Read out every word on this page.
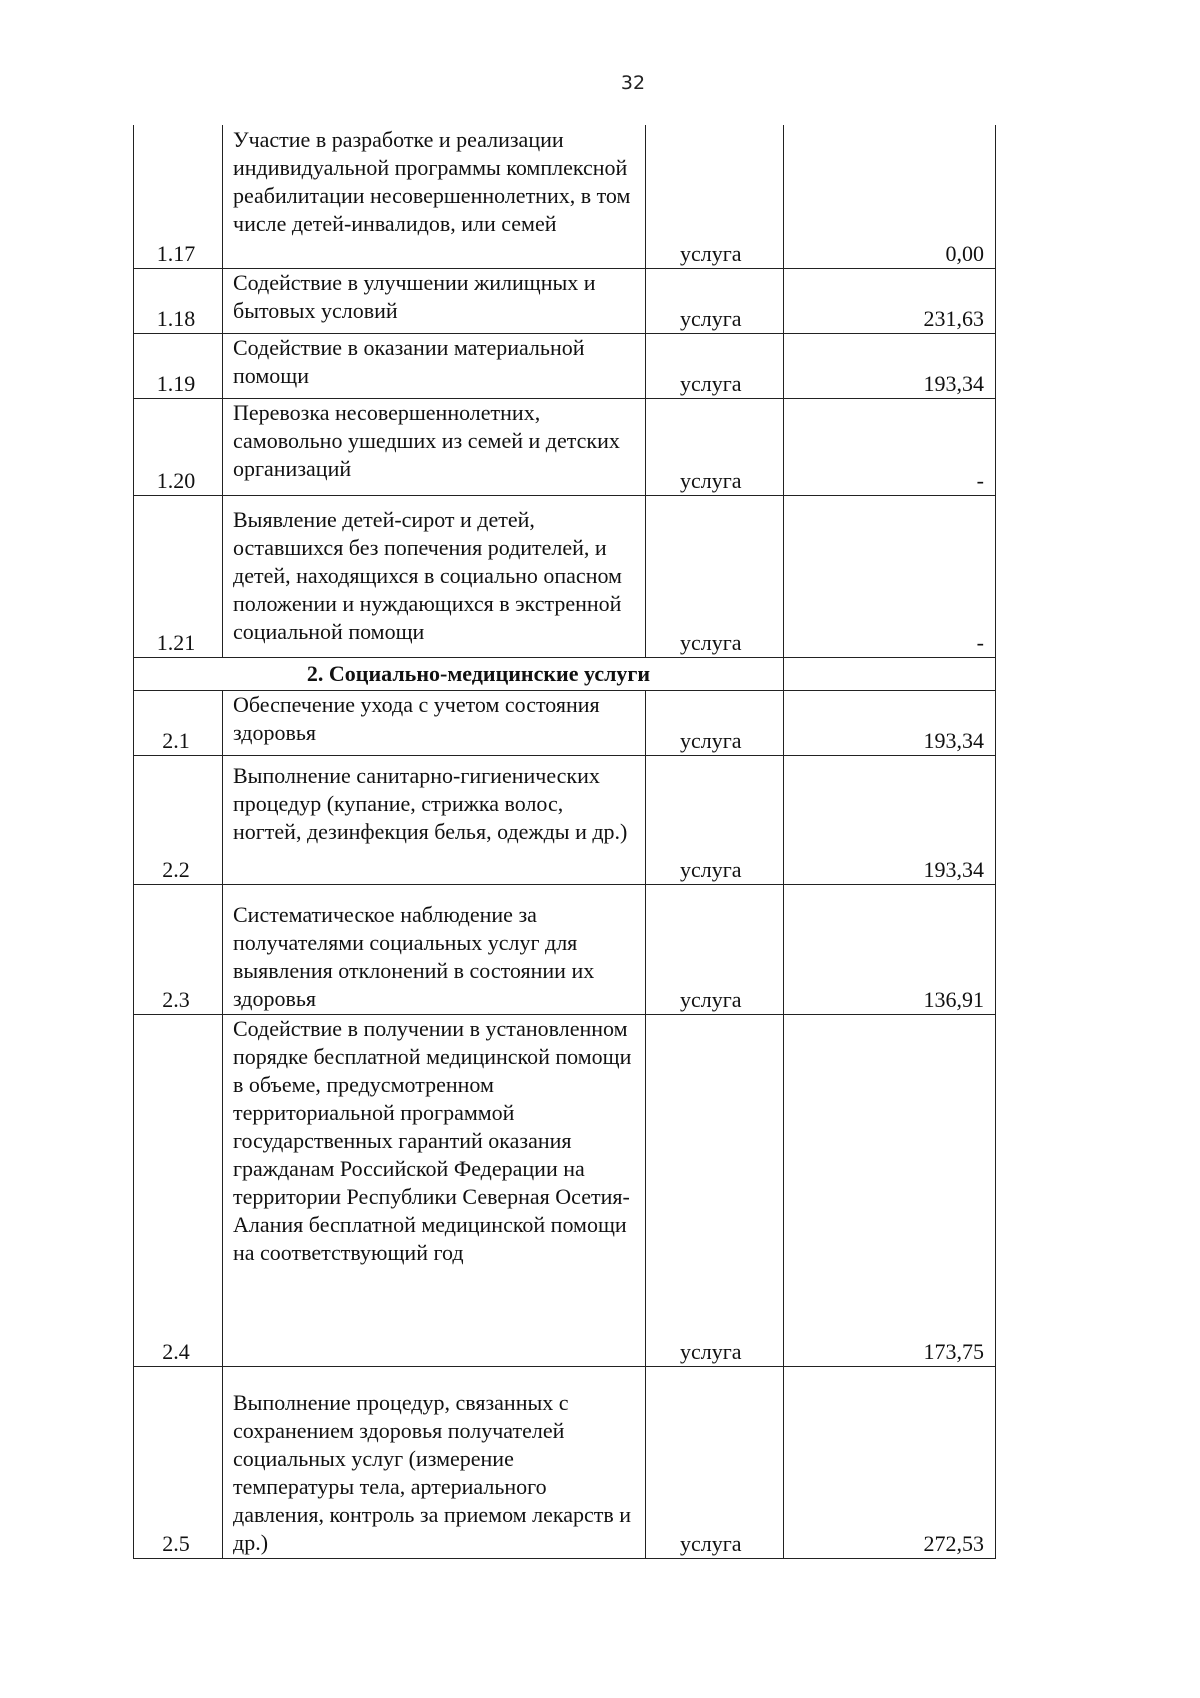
32
1.17	Участие в разработке и реализации индивидуальной программы комплексной реабилитации несовершеннолетних, в том числе детей-инвалидов, или семей	услуга	0,00
1.18	Содействие в улучшении жилищных и бытовых условий	услуга	231,63
1.19	Содействие в оказании материальной помощи	услуга	193,34
1.20	Перевозка несовершеннолетних, самовольно ушедших из семей и детских организаций	услуга	-
1.21	Выявление детей-сирот и детей, оставшихся без попечения родителей, и детей, находящихся в социально опасном положении и нуждающихся в экстренной социальной помощи	услуга	-
2. Социально-медицинские услуги			
2.1	Обеспечение ухода с учетом состояния здоровья	услуга	193,34
2.2	Выполнение санитарно-гигиенических процедур (купание, стрижка волос, ногтей, дезинфекция белья, одежды и др.)	услуга	193,34
2.3	Систематическое наблюдение за получателями социальных услуг для выявления отклонений в состоянии их здоровья	услуга	136,91
2.4	Содействие в получении в установленном порядке бесплатной медицинской помощи в объеме, предусмотренном территориальной программой государственных гарантий оказания гражданам Российской Федерации на территории Республики Северная Осетия-Алания бесплатной медицинской помощи на соответствующий год	услуга	173,75
2.5	Выполнение процедур, связанных с сохранением здоровья получателей социальных услуг (измерение температуры тела, артериального давления, контроль за приемом лекарств и др.)	услуга	272,53
